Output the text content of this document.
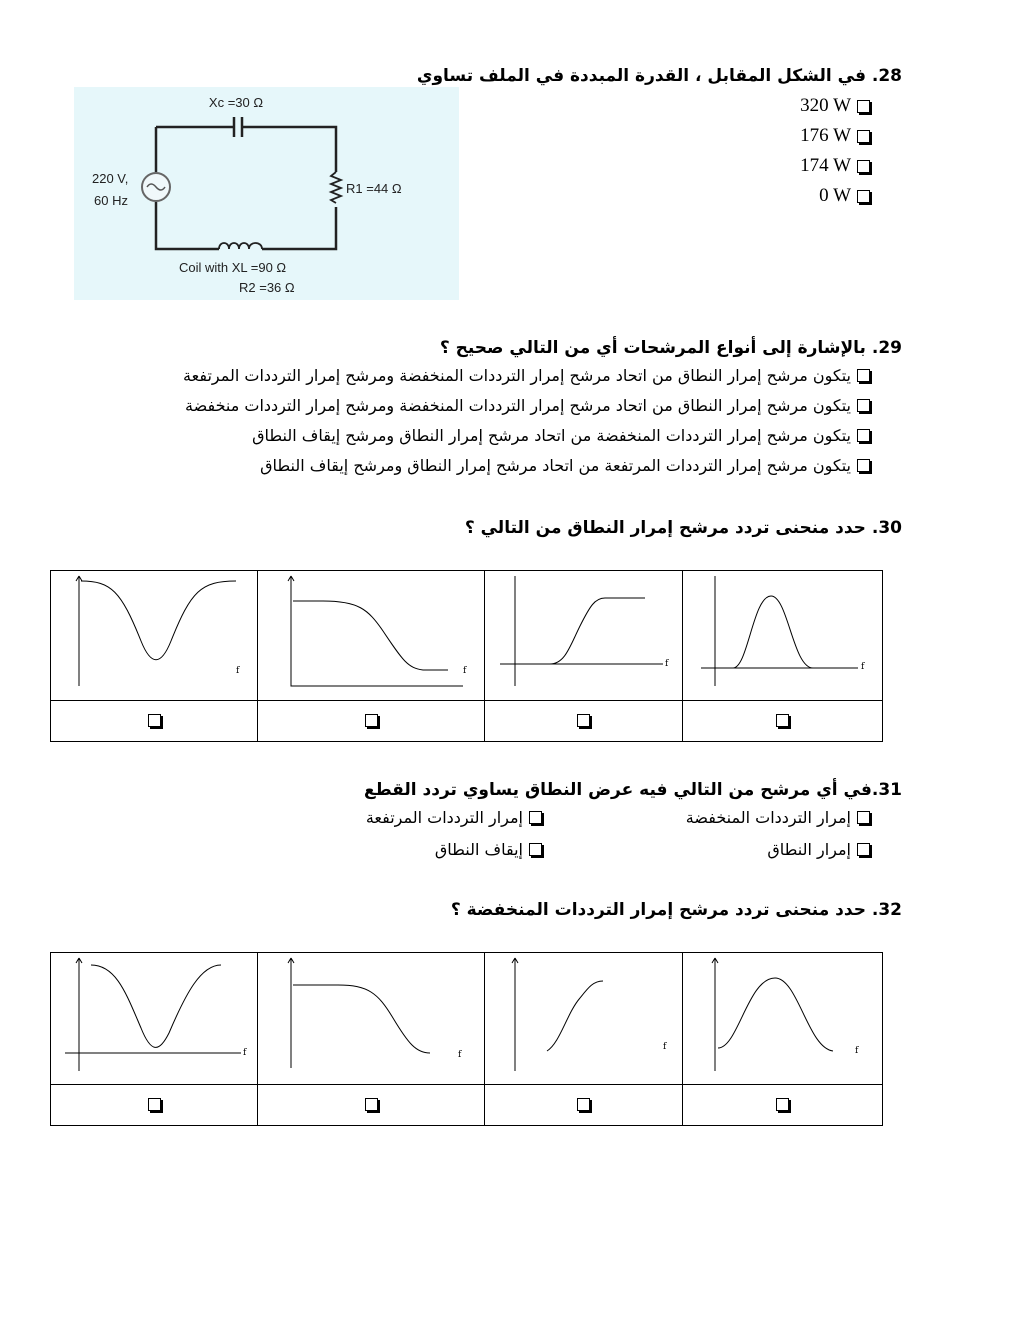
28. في الشكل المقابل ، القدرة المبددة في الملف تساوي
320 W
176 W
174 W
0 W
Xc =30 Ω
220 V,
60 Hz
R1 =44 Ω
Coil with XL =90 Ω
R2 =36 Ω
29. بالإشارة إلى أنواع المرشحات أي من التالي صحيح ؟
يتكون مرشح إمرار النطاق من اتحاد مرشح إمرار الترددات المنخفضة ومرشح إمرار الترددات المرتفعة
يتكون مرشح إمرار النطاق من اتحاد مرشح إمرار الترددات المنخفضة ومرشح إمرار الترددات منخفضة
يتكون مرشح إمرار الترددات المنخفضة من اتحاد مرشح إمرار النطاق ومرشح إيقاف النطاق
يتكون مرشح إمرار الترددات المرتفعة من اتحاد مرشح إمرار النطاق ومرشح إيقاف النطاق
30. حدد منحنى تردد مرشح إمرار النطاق من التالي ؟
f	f	f	f

31.في أي مرشح من التالي فيه عرض النطاق يساوي تردد القطع
إمرار الترددات المنخفضة
إمرار الترددات المرتفعة
إمرار النطاق
إيقاف النطاق
32. حدد منحنى تردد مرشح إمرار الترددات المنخفضة ؟
f	f	f	f
